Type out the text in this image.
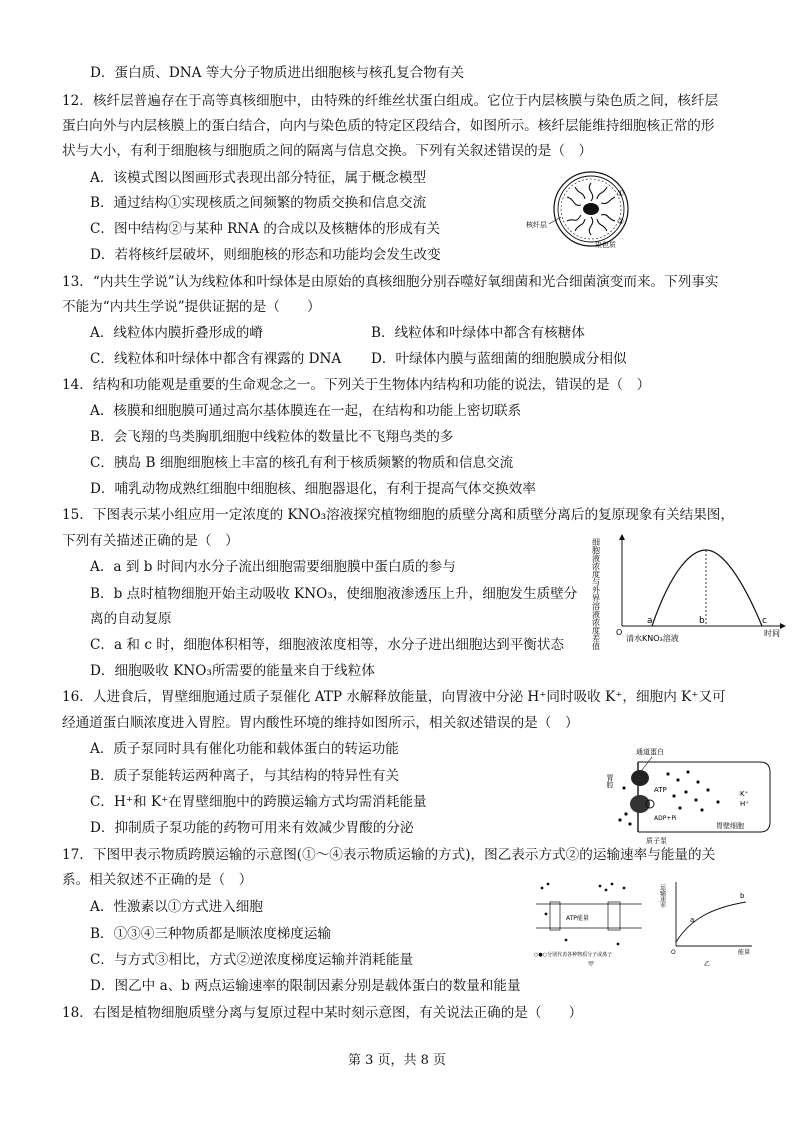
D．蛋白质、DNA 等大分子物质进出细胞核与核孔复合物有关
12．核纤层普遍存在于高等真核细胞中，由特殊的纤维丝状蛋白组成。它位于内层核膜与染色质之间，核纤层
蛋白向外与内层核膜上的蛋白结合，向内与染色质的特定区段结合，如图所示。核纤层能维持细胞核正常的形
状与大小，有利于细胞核与细胞质之间的隔离与信息交换。下列有关叙述错误的是（　）
A．该模式图以图画形式表现出部分特征，属于概念模型
B．通过结构①实现核质之间频繁的物质交换和信息交流
C．图中结构②与某种 RNA 的合成以及核糖体的形成有关
D．若将核纤层破坏，则细胞核的形态和功能均会发生改变
13．“内共生学说”认为线粒体和叶绿体是由原始的真核细胞分别吞噬好氧细菌和光合细菌演变而来。下列事实
不能为“内共生学说”提供证据的是（　　）
A．线粒体内膜折叠形成的嵴	B．线粒体和叶绿体中都含有核糖体
C．线粒体和叶绿体中都含有裸露的 DNA D．叶绿体内膜与蓝细菌的细胞膜成分相似
14．结构和功能观是重要的生命观念之一。下列关于生物体内结构和功能的说法，错误的是（　）
A．核膜和细胞膜可通过高尔基体膜连在一起，在结构和功能上密切联系
B．会飞翔的鸟类胸肌细胞中线粒体的数量比不飞翔鸟类的多
C．胰岛 B 细胞细胞核上丰富的核孔有利于核质频繁的物质和信息交流
D．哺乳动物成熟红细胞中细胞核、细胞器退化，有利于提高气体交换效率
15．下图表示某小组应用一定浓度的 KNO₃溶液探究植物细胞的质壁分离和质壁分离后的复原现象有关结果图，
下列有关描述正确的是（　）
A．a 到 b 时间内水分子流出细胞需要细胞膜中蛋白质的参与
B．b 点时植物细胞开始主动吸收 KNO₃，使细胞液渗透压上升，细胞发生质壁分
离的自动复原
C．a 和 c 时，细胞体积相等，细胞液浓度相等，水分子进出细胞达到平衡状态
D．细胞吸收 KNO₃所需要的能量来自于线粒体
16．人进食后，胃壁细胞通过质子泵催化 ATP 水解释放能量，向胃液中分泌 H⁺同时吸收 K⁺，细胞内 K⁺又可
经通道蛋白顺浓度进入胃腔。胃内酸性环境的维持如图所示，相关叙述错误的是（　）
A．质子泵同时具有催化功能和载体蛋白的转运功能
B．质子泵能转运两种离子，与其结构的特异性有关
C．H⁺和 K⁺在胃壁细胞中的跨膜运输方式均需消耗能量
D．抑制质子泵功能的药物可用来有效减少胃酸的分泌
17．下图甲表示物质跨膜运输的示意图(①～④表示物质运输的方式)，图乙表示方式②的运输速率与能量的关
系。相关叙述不正确的是（　）
A．性激素以①方式进入细胞
B．①③④三种物质都是顺浓度梯度运输
C．与方式③相比，方式②逆浓度梯度运输并消耗能量
D．图乙中 a、b 两点运输速率的限制因素分别是载体蛋白的数量和能量
18．右图是植物细胞质壁分离与复原过程中某时刻示意图，有关说法正确的是（　　）
第 3 页，共 8 页
核纤层
①
②
染色质
细胞液浓度与外界溶液浓度差值 O
a	b	c
时间
清水KNO₃溶液
通道蛋白
胃腔
ATP
ADP+Pi
胃壁细胞
质子泵
K⁺
H⁺
ATP能量
○●○分别代表各种物质分子或离子
甲
运输速率
a
b
O	能量
乙
